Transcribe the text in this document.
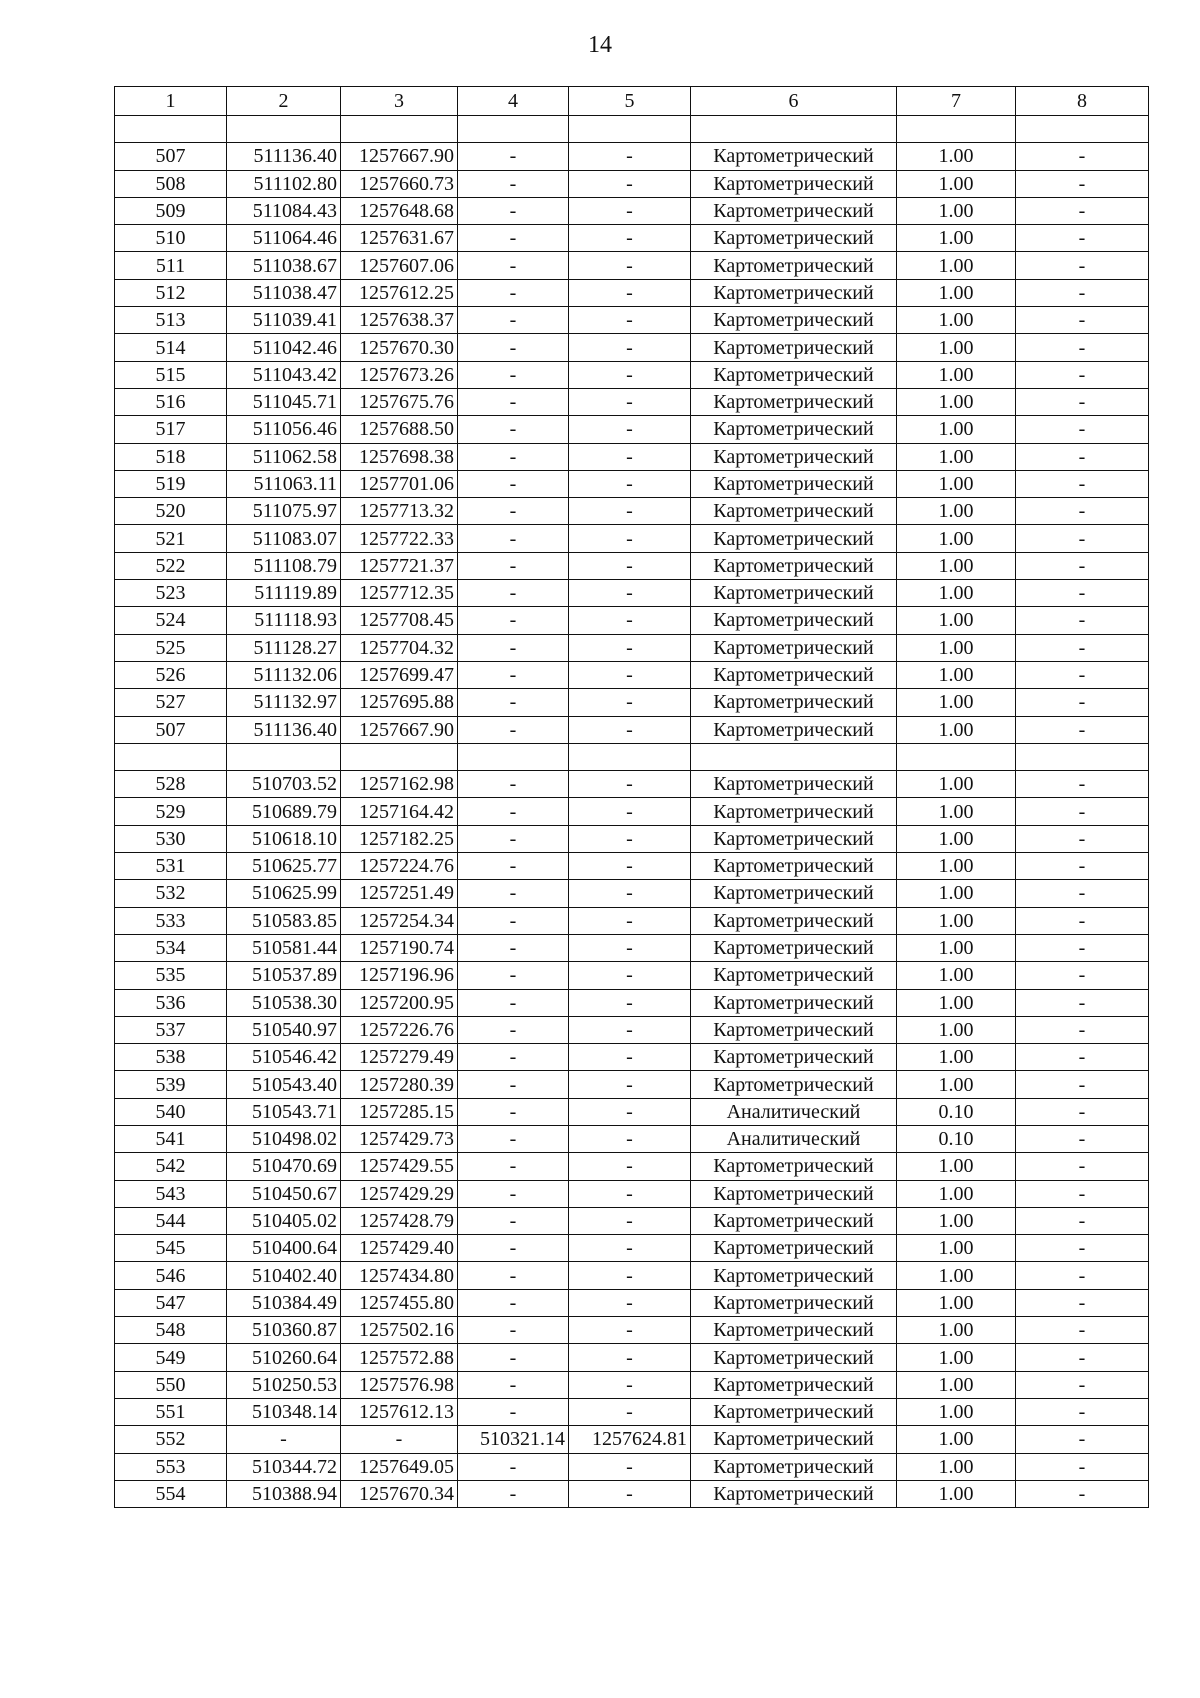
14
1	2	3	4	5	6	7	8

507	511136.40	1257667.90	-	-	Картометрический	1.00	-
508	511102.80	1257660.73	-	-	Картометрический	1.00	-
509	511084.43	1257648.68	-	-	Картометрический	1.00	-
510	511064.46	1257631.67	-	-	Картометрический	1.00	-
511	511038.67	1257607.06	-	-	Картометрический	1.00	-
512	511038.47	1257612.25	-	-	Картометрический	1.00	-
513	511039.41	1257638.37	-	-	Картометрический	1.00	-
514	511042.46	1257670.30	-	-	Картометрический	1.00	-
515	511043.42	1257673.26	-	-	Картометрический	1.00	-
516	511045.71	1257675.76	-	-	Картометрический	1.00	-
517	511056.46	1257688.50	-	-	Картометрический	1.00	-
518	511062.58	1257698.38	-	-	Картометрический	1.00	-
519	511063.11	1257701.06	-	-	Картометрический	1.00	-
520	511075.97	1257713.32	-	-	Картометрический	1.00	-
521	511083.07	1257722.33	-	-	Картометрический	1.00	-
522	511108.79	1257721.37	-	-	Картометрический	1.00	-
523	511119.89	1257712.35	-	-	Картометрический	1.00	-
524	511118.93	1257708.45	-	-	Картометрический	1.00	-
525	511128.27	1257704.32	-	-	Картометрический	1.00	-
526	511132.06	1257699.47	-	-	Картометрический	1.00	-
527	511132.97	1257695.88	-	-	Картометрический	1.00	-
507	511136.40	1257667.90	-	-	Картометрический	1.00	-

528	510703.52	1257162.98	-	-	Картометрический	1.00	-
529	510689.79	1257164.42	-	-	Картометрический	1.00	-
530	510618.10	1257182.25	-	-	Картометрический	1.00	-
531	510625.77	1257224.76	-	-	Картометрический	1.00	-
532	510625.99	1257251.49	-	-	Картометрический	1.00	-
533	510583.85	1257254.34	-	-	Картометрический	1.00	-
534	510581.44	1257190.74	-	-	Картометрический	1.00	-
535	510537.89	1257196.96	-	-	Картометрический	1.00	-
536	510538.30	1257200.95	-	-	Картометрический	1.00	-
537	510540.97	1257226.76	-	-	Картометрический	1.00	-
538	510546.42	1257279.49	-	-	Картометрический	1.00	-
539	510543.40	1257280.39	-	-	Картометрический	1.00	-
540	510543.71	1257285.15	-	-	Аналитический	0.10	-
541	510498.02	1257429.73	-	-	Аналитический	0.10	-
542	510470.69	1257429.55	-	-	Картометрический	1.00	-
543	510450.67	1257429.29	-	-	Картометрический	1.00	-
544	510405.02	1257428.79	-	-	Картометрический	1.00	-
545	510400.64	1257429.40	-	-	Картометрический	1.00	-
546	510402.40	1257434.80	-	-	Картометрический	1.00	-
547	510384.49	1257455.80	-	-	Картометрический	1.00	-
548	510360.87	1257502.16	-	-	Картометрический	1.00	-
549	510260.64	1257572.88	-	-	Картометрический	1.00	-
550	510250.53	1257576.98	-	-	Картометрический	1.00	-
551	510348.14	1257612.13	-	-	Картометрический	1.00	-
552	-	-	510321.14	1257624.81	Картометрический	1.00	-
553	510344.72	1257649.05	-	-	Картометрический	1.00	-
554	510388.94	1257670.34	-	-	Картометрический	1.00	-
